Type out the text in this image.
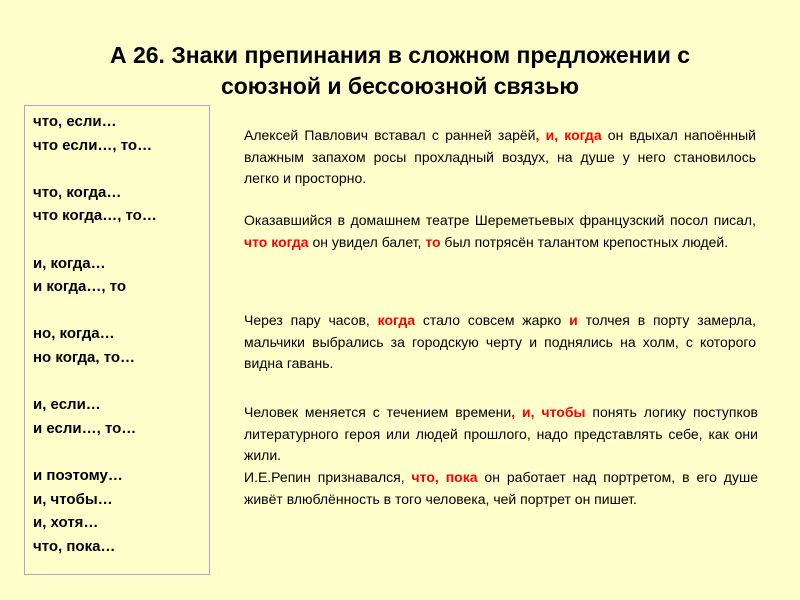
А 26. Знаки препинания в сложном предложении с
союзной и бессоюзной связью
что, если…
что если…, то…
что, когда…
что когда…, то…
и, когда…
и когда…, то
но, когда…
но когда, то…
и, если…
и если…, то…
и поэтому…
и, чтобы…
и, хотя…
что, пока…
Алексей Павлович вставал с ранней зарёй, и, когда он вдыхал напоённый влажным запахом росы прохладный воздух, на душе у него становилось легко и просторно.
Оказавшийся в домашнем театре Шереметьевых французский посол писал, что когда он увидел балет, то был потрясён талантом крепостных людей.
Через пару часов, когда стало совсем жарко и толчея в порту замерла, мальчики выбрались за городскую черту и поднялись на холм, с которого видна гавань.
Человек меняется с течением времени, и, чтобы понять логику поступков литературного героя или людей прошлого, надо представлять себе, как они жили.
И.Е.Репин признавался, что, пока он работает над портретом, в его душе живёт влюблённость в того человека, чей портрет он пишет.
